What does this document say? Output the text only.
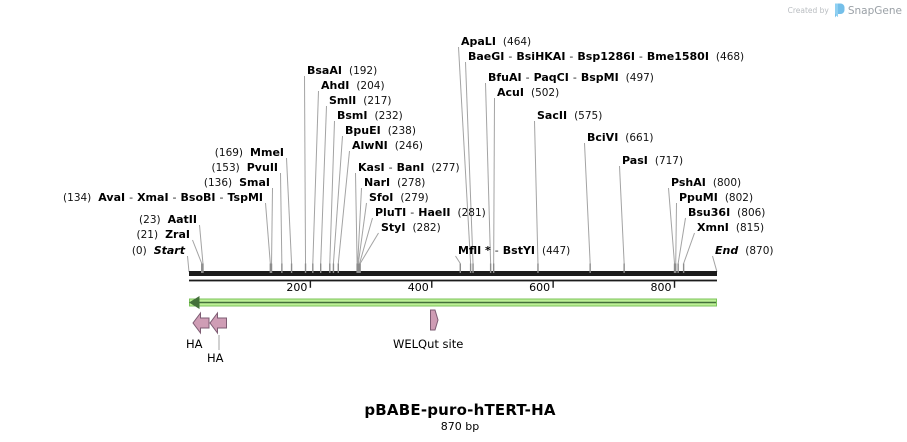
Created by SnapGene
ApaLI (464)
BaeGI - BsiHKAI - Bsp1286I - Bme1580I (468)
BsaAI (192)	BfuAI - PaqCI - BspMI (497)
AhdI (204)	AcuI (502)
SmlI (217)
BsmI (232)	SacII (575)
BpuEI (238)	BciVI (661)
AlwNI (246)
(169) MmeI
PasI (717)
(153) PvuII	KasI - BanI (277)
(136) SmaI	NarI (278)	PshAI (800)
(134) AvaI - XmaI - BsoBI - TspMI	SfoI (279)	PpuMI (802)
PluTI - HaeII (281)	Bsu36I (806)
(23) AatII
StyI (282)	XmnI (815)
(21) ZraI
(0) Start	MflI * - BstYI (447)	End (870)
200	400	600	800
HA
HA
WELQut site
pBABE-puro-hTERT-HA
870 bp
